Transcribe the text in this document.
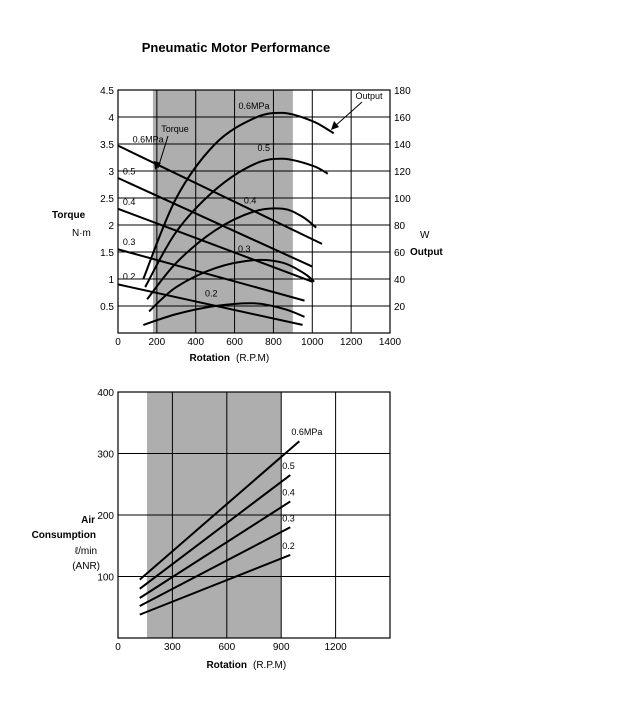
Pneumatic Motor Performance
0	200 400 600 800 1000 1200 1400
0.5
1
1.5
2
2.5
3
3.5
4
4.5
20
40
60
80
100
120
140
160
180
Rotation (R.P.M)
Torque
N·m	W
Output
0.6MPa
0.5
0.4
0.3
0.2
0.6MPa
0.5
0.4
0.3
0.2
Torque
Output
0	300	600	900	1200
100
200
300
400
Rotation (R.P.M)
Air
Consumption
ℓ/min
(ANR)
0.6MPa
0.5
0.4
0.3
0.2
